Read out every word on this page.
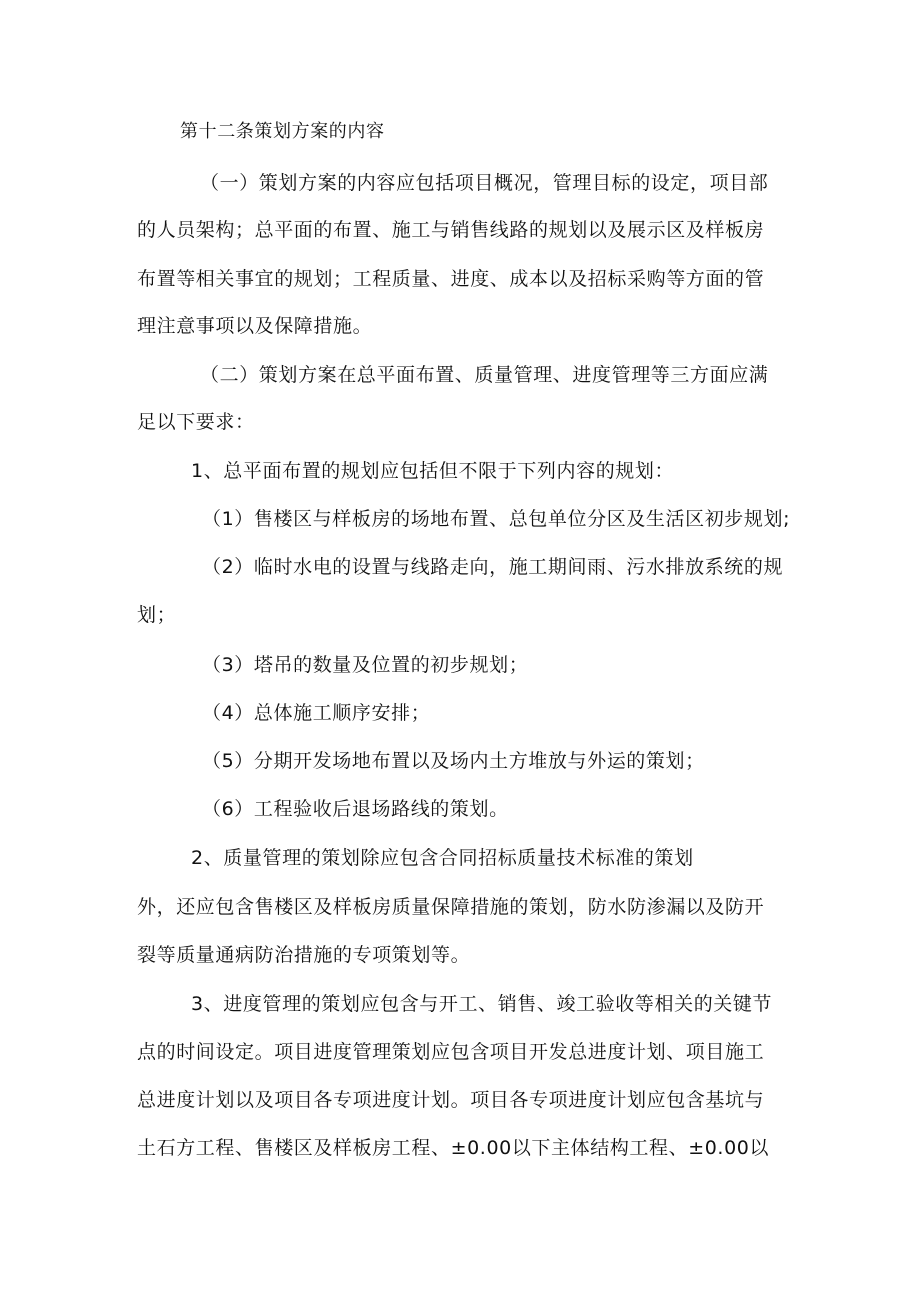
第十二条策划方案的内容
（一）策划方案的内容应包括项目概况，管理目标的设定，项目部
的人员架构；总平面的布置、施工与销售线路的规划以及展示区及样板房
布置等相关事宜的规划；工程质量、进度、成本以及招标采购等方面的管
理注意事项以及保障措施。
（二）策划方案在总平面布置、质量管理、进度管理等三方面应满
足以下要求：
1、总平面布置的规划应包括但不限于下列内容的规划：
（1）售楼区与样板房的场地布置、总包单位分区及生活区初步规划;
（2）临时水电的设置与线路走向，施工期间雨、污水排放系统的规
划；
（3）塔吊的数量及位置的初步规划；
（4）总体施工顺序安排；
（5）分期开发场地布置以及场内土方堆放与外运的策划；
（6）工程验收后退场路线的策划。
2、质量管理的策划除应包含合同招标质量技术标准的策划
外，还应包含售楼区及样板房质量保障措施的策划，防水防渗漏以及防开
裂等质量通病防治措施的专项策划等。
3、进度管理的策划应包含与开工、销售、竣工验收等相关的关键节
点的时间设定。项目进度管理策划应包含项目开发总进度计划、项目施工
总进度计划以及项目各专项进度计划。项目各专项进度计划应包含基坑与
土石方工程、售楼区及样板房工程、±0.00以下主体结构工程、±0.00以
